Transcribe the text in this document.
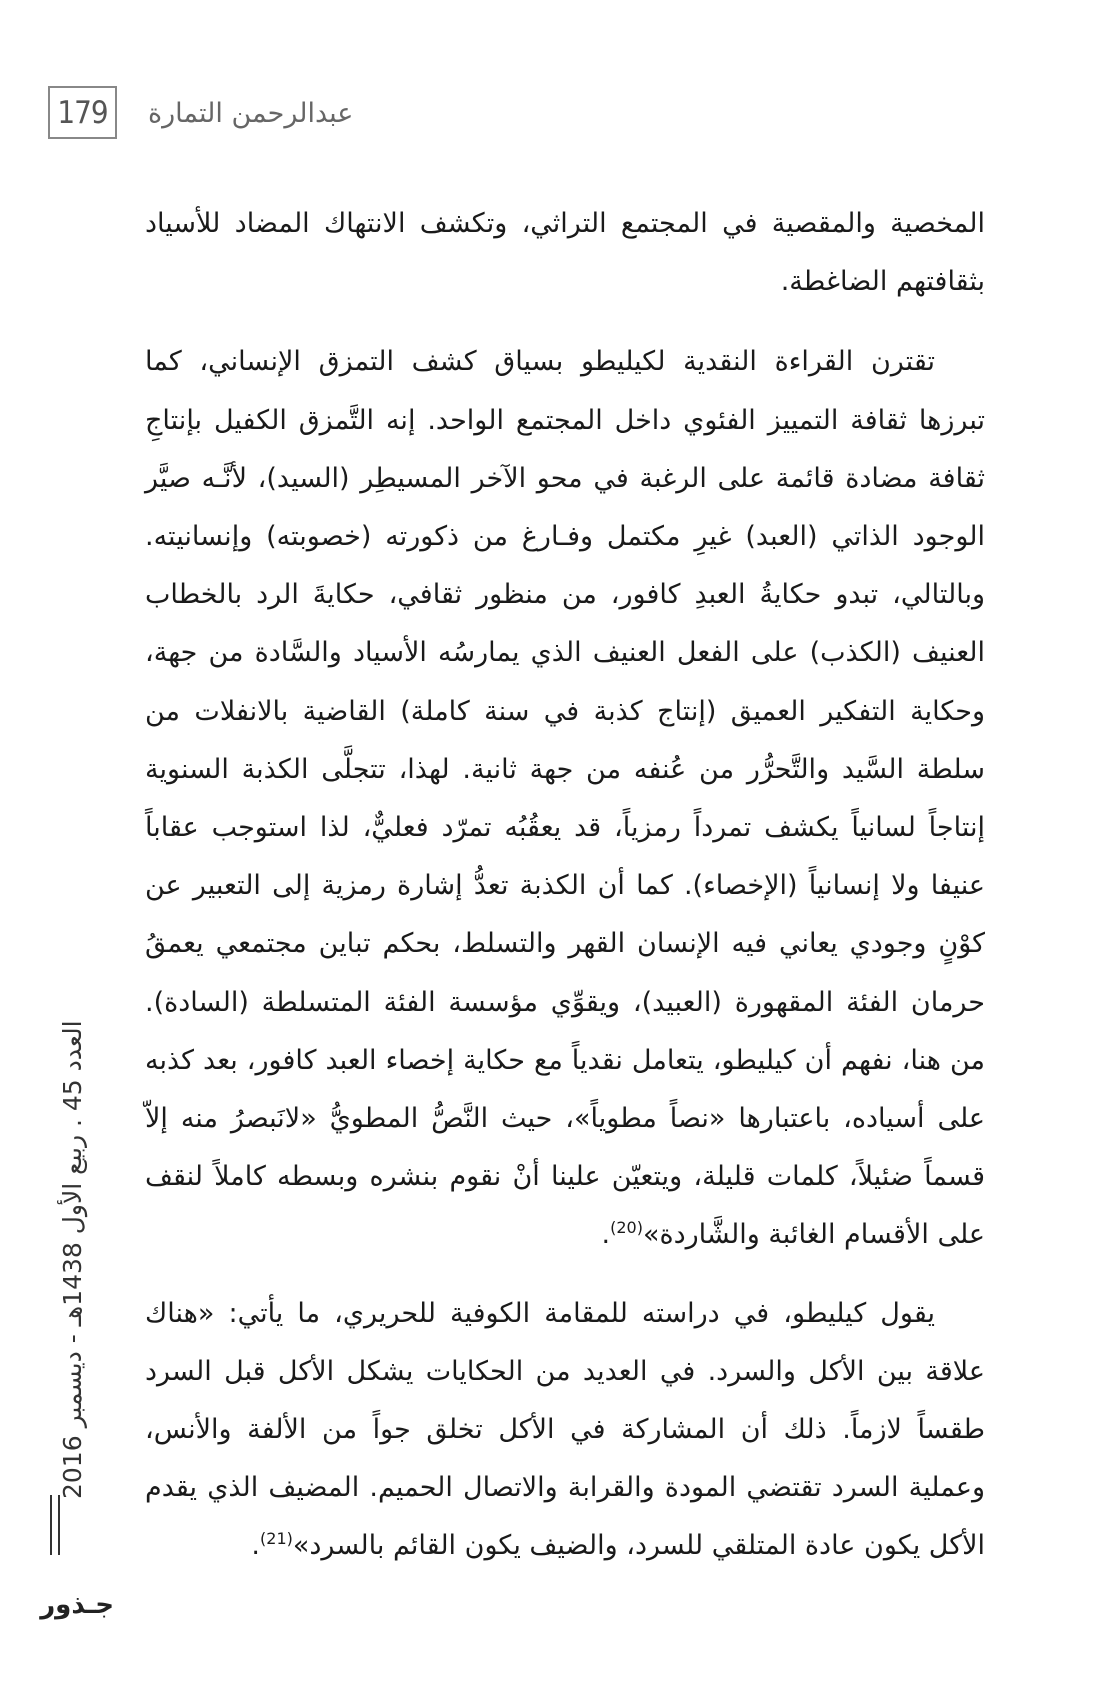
179 عبدالرحمن التمارة

المخصية والمقصية في المجتمع التراثي، وتكشف الانتهاك المضاد للأسياد بثقافتهم الضاغطة.

تقترن القراءة النقدية لكيليطو بسياق كشف التمزق الإنساني، كما تبرزها ثقافة التمييز الفئوي داخل المجتمع الواحد. إنه التَّمزق الكفيل بإنتاجِ ثقافة مضادة قائمة على الرغبة في محو الآخر المسيطِر (السيد)، لأنَّـه صيَّر الوجود الذاتي (العبد) غيرِ مكتمل وفـارغ من ذكورته (خصوبته) وإنسانيته. وبالتالي، تبدو حكايةُ العبدِ كافور، من منظور ثقافي، حكايةَ الرد بالخطاب العنيف (الكذب) على الفعل العنيف الذي يمارسُه الأسياد والسَّادة من جهة، وحكاية التفكير العميق (إنتاج كذبة في سنة كاملة) القاضية بالانفلات من سلطة السَّيد والتَّحرُّر من عُنفه من جهة ثانية. لهذا، تتجلَّى الكذبة السنوية إنتاجاً لسانياً يكشف تمرداً رمزياً، قد يعقُبُه تمرّد فعليٌّ، لذا استوجب عقاباً عنيفا ولا إنسانياً (الإخصاء). كما أن الكذبة تعدُّ إشارة رمزية إلى التعبير عن كوْنٍ وجودي يعاني فيه الإنسان القهر والتسلط، بحكم تباين مجتمعي يعمقُ حرمان الفئة المقهورة (العبيد)، ويقوِّي مؤسسة الفئة المتسلطة (السادة). من هنا، نفهم أن كيليطو، يتعامل نقدياً مع حكاية إخصاء العبد كافور، بعد كذبه على أسياده، باعتبارها «نصاً مطوياً»، حيث النَّصُّ المطويُّ «لانَبصرُ منه إلاّ قسماً ضئيلاً، كلمات قليلة، ويتعيّن علينا أنْ نقوم بنشره وبسطه كاملاً لنقف على الأقسام الغائبة والشَّاردة»$^{(20)}$.

يقول كيليطو، في دراسته للمقامة الكوفية للحريري، ما يأتي: «هناك علاقة بين الأكل والسرد. في العديد من الحكايات يشكل الأكل قبل السرد طقساً لازماً. ذلك أن المشاركة في الأكل تخلق جواً من الألفة والأنس، وعملية السرد تقتضي المودة والقرابة والاتصال الحميم. المضيف الذي يقدم الأكل يكون عادة المتلقي للسرد، والضيف يكون القائم بالسرد»$^{(21)}$.

العدد 45 . ربيع الأول 1438هـ - ديسمبر 2016
جـذور
